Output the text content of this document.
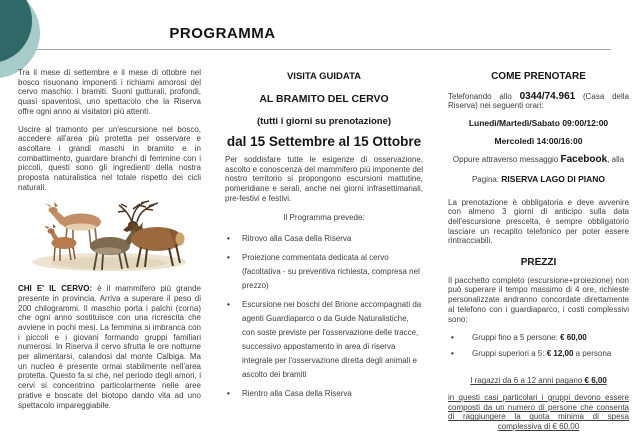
PROGRAMMA

Tra il mese di settembre e il mese di ottobre nel bosco risuonano imponenti i richiami amorosi del cervo maschio: i bramiti. Suoni gutturali, profondi, quasi spaventosi, uno spettacolo che la Riserva offre ogni anno ai visitatori più attenti.

Uscire al tramonto per un'escursione nel bosco, accedere all'area più protetta per osservare e ascoltare i grandi maschi in bramito e in combattimento, guardare branchi di femmine con i piccoli, questi sono gli ingredienti della nostra proposta naturalistica nel totale rispetto dei cicli naturali.

CHI E' IL CERVO: è il mammifero più grande presente in provincia. Arriva a superare il peso di 200 chilogrammi. Il maschio porta i palchi (corna) che ogni anno sostituisce con una ricrescita che avviene in pochi mesi. La femmina si imbranca con i piccoli e i giovani formando gruppi familiari numerosi. In Riserva il cervo sfrutta le ore notturne per alimentarsi, calandosi dal monte Calbiga. Ma un nucleo è presente ormai stabilmente nell'area protetta. Questo fa si che, nel periodo degli amori, i cervi si concentrino particolarmente nelle aree prative e boscate del biotopo dando vita ad uno spettacolo impareggiabile.

VISITA GUIDATA
AL BRAMITO DEL CERVO
(tutti i giorni su prenotazione)
dal 15 Settembre al 15 Ottobre

Per soddisfare tutte le esigenze di osservazione, ascolto e conoscenza del mammifero più imponente del nostro territorio si propongono escursioni mattutine, pomeridiane e serali, anche nei giorni infrasettimanali, pre-festivi e festivi.

Il Programma prevede:
• Ritrovo alla Casa della Riserva
• Proiezione commentata dedicata al cervo (facoltativa - su preventiva richiesta, compresa nel prezzo)
• Escursione nei boschi del Brione accompagnati da agenti Guardiaparco o da Guide Naturalistiche, con soste previste per l'osservazione delle tracce, successivo appostamento in area di riserva integrale per l'osservazione diretta degli animali e ascolto dei bramiti
• Rientro alla Casa della Riserva
COME PRENOTARE

Telefonando allo 0344/74.961 (Casa della Riserva) nei seguenti orari:

Lunedì/Martedì/Sabato 09:00/12:00
Mercoledì 14:00/16:00
Oppure attraverso messaggio Facebook, alla
Pagina: RISERVA LAGO DI PIANO

La prenotazione è obbligatoria e deve avvenire con almeno 3 giorni di anticipo sulla data dell'escursione prescelta, è sempre obbligatorio lasciare un recapito telefonico per poter essere rintracciabili.

PREZZI

Il pacchetto completo (escursione+proiezione) non può superare il tempo massimo di 4 ore, richieste personalizzate andranno concordate direttamente al telefono con i guardiaparco, i costi complessivi sono:

• Gruppi fino a 5 persone: € 60,00
• Gruppi superiori a 5: € 12,00 a persona
I ragazzi da 6 a 12 anni pagano € 6,00

in questi casi particolari i gruppi devono essere composti da un numero di persone che consenta di raggiungere la quota minima di spesa complessiva di € 60,00
